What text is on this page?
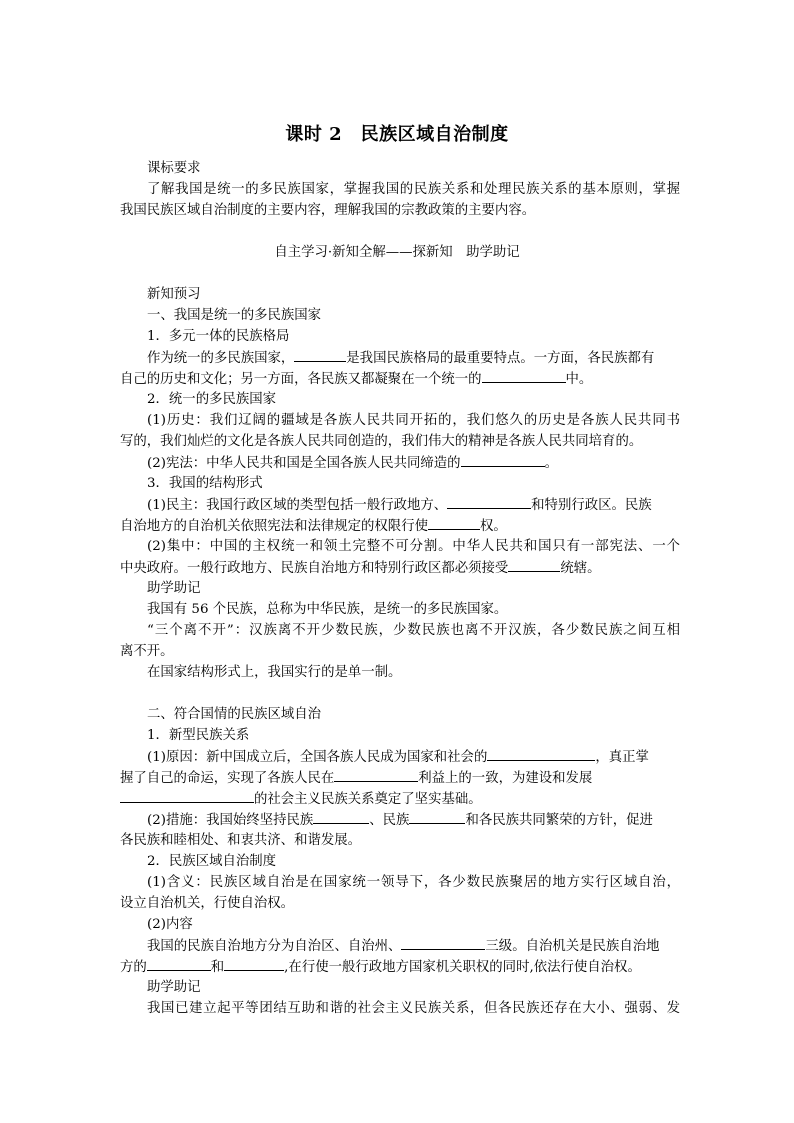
课时 2　民族区域自治制度
课标要求
了解我国是统一的多民族国家，掌握我国的民族关系和处理民族关系的基本原则，掌握
我国民族区域自治制度的主要内容，理解我国的宗教政策的主要内容。
自主学习·新知全解——探新知　助学助记
新知预习
一、我国是统一的多民族国家
1．多元一体的民族格局
作为统一的多民族国家，	是我国民族格局的最重要特点。一方面，各民族都有
自己的历史和文化；另一方面，各民族又都凝聚在一个统一的	中。
2．统一的多民族国家
(1)历史：我们辽阔的疆域是各族人民共同开拓的，我们悠久的历史是各族人民共同书
写的，我们灿烂的文化是各族人民共同创造的，我们伟大的精神是各族人民共同培育的。
(2)宪法：中华人民共和国是全国各族人民共同缔造的	。
3．我国的结构形式
(1)民主：我国行政区域的类型包括一般行政地方、	和特别行政区。民族
自治地方的自治机关依照宪法和法律规定的权限行使	权。
(2)集中：中国的主权统一和领土完整不可分割。中华人民共和国只有一部宪法、一个
中央政府。一般行政地方、民族自治地方和特别行政区都必须接受	统辖。
助学助记
我国有 56 个民族，总称为中华民族，是统一的多民族国家。
“三个离不开”：汉族离不开少数民族，少数民族也离不开汉族，各少数民族之间互相
离不开。
在国家结构形式上，我国实行的是单一制。
二、符合国情的民族区域自治
1．新型民族关系
(1)原因：新中国成立后，全国各族人民成为国家和社会的	，真正掌
握了自己的命运，实现了各族人民在	利益上的一致，为建设和发展
的社会主义民族关系奠定了坚实基础。
(2)措施：我国始终坚持民族	、民族	和各民族共同繁荣的方针，促进
各民族和睦相处、和衷共济、和谐发展。
2．民族区域自治制度
(1)含义：民族区域自治是在国家统一领导下，各少数民族聚居的地方实行区域自治，
设立自治机关，行使自治权。
(2)内容
我国的民族自治地方分为自治区、自治州、	三级。自治机关是民族自治地
方的	和	,在行使一般行政地方国家机关职权的同时,依法行使自治权。
助学助记
我国已建立起平等团结互助和谐的社会主义民族关系，但各民族还存在大小、强弱、发
